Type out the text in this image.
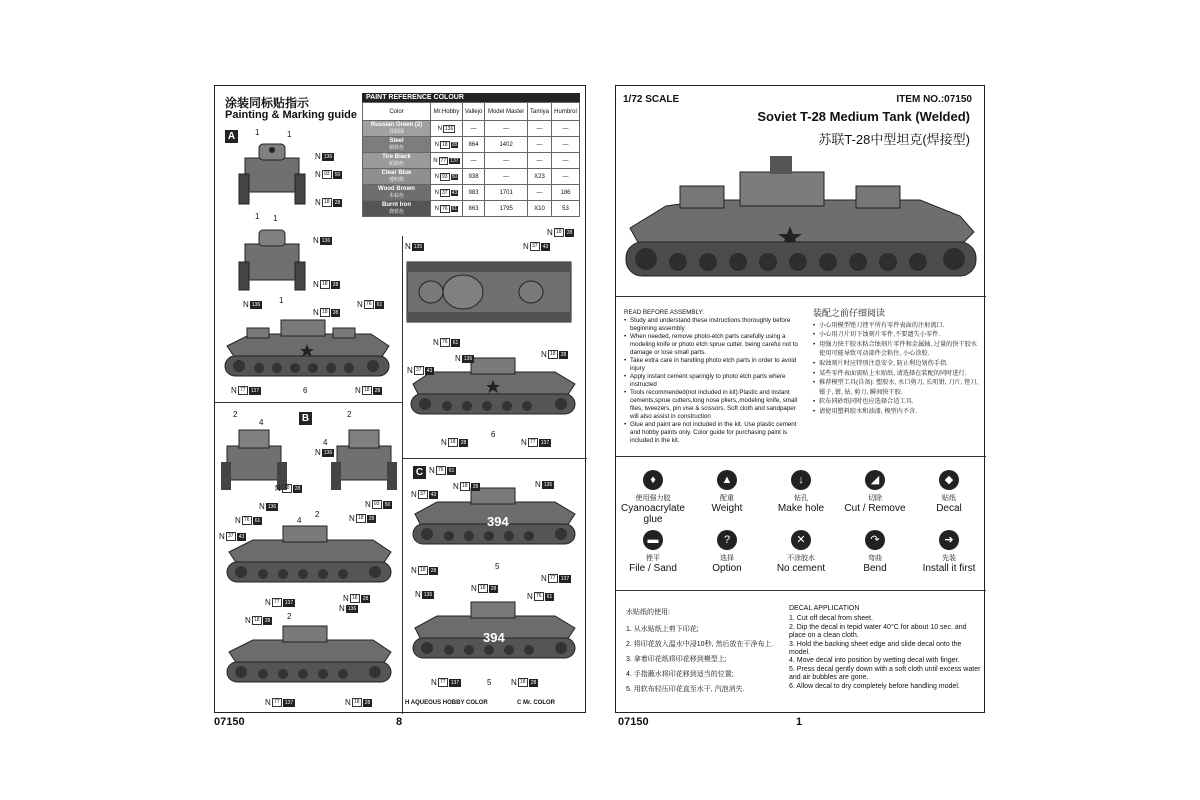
涂装同标贴指示
Painting & Marking guide
PAINT REFERENCE COLOUR
Color	Mr.Hobby	Vallejo	Model Master	Tamiya	Humbrol
Russian Green (2)
苏联绿	N 136	—	—	—	—
Steel
钢铁色	N 18 28	864	1402	—	—
Tire Black
轮胎色	N 77 137	—	—	—	—
Clear Blue
透明蓝	N 93 50	938	—	X23	—
Wood Brown
木棕色	N 37 43	983	1701	—	186
Burnt Iron
烧铁色	N 76 61	863	1795	X10	53
A
B
C
394
394
N 136
N 93	50
N 18	28
N 136
N 18	28
N 136	N 76	61
N 18	28
N 77	137	N 18	28
N 135	N 37	43
N 18	28
N 76	61
N 136	N 18	28
N 37	43
N 18	28	N 77	137
N 136
N 18	28
N 136	N 93	50
N 76	61	N 18	28
N 37	43
N 77	137
N 136
N 18	28
N 18	28
N 77	137	N 18	28
N 76	61
N 18	28	N 136
N 37	43
N 18	28
N 77	137
N 136
N 18	28
N 76	61
N 77	137	N 18	28
1	1
1 1
1
6
6
2
4
4
2
4
2
2
5
5
H AQUEOUS HOBBY COLOR	C Mr. COLOR
07150	8
1/72 SCALE	ITEM NO.:07150
Soviet T-28 Medium Tank (Welded)
苏联T-28中型坦克(焊接型)
READ BEFORE ASSEMBLY:
• Study and understand these instructions thoroughly before beginning assembly
• When needed, remove photo-etch parts carefully using a modeling knife or photo etch sprue cutter. being careful not to damage or lose small parts.
• Take extra care in handling photo etch parts in order to avoid injury
• Apply instant cement sparingly to photo etch parts where instructed
• Tools recommended(not included in kit):Plastic and instant cements,sprue cutters,long nose pliers,,modeling knife, small files, tweezers, pin vise & scissors. Soft cloth and sandpaper will also assist in construction
• Glue and paint are not included in the kit. Use plastic cement and hobby paints only. Color guide for purchasing paint is included in the kit.
装配之前仔细阅读
• 小心用模型锉刀锉平所有零件表面的注射流口.
• 小心用刀片切下蚀刻片零件,不要遗失小零件.
• 用强力快干胶水粘合蚀刻片零件和金属轴, 过量的快干胶水使用可能导致可动部件会粘住, 小心涂胶.
• 取蚀刻片时应特别注意安全, 防止利边划伤手指.
• 某些零件表面需贴上水贴纸, 请选择在装配的同时进行.
• 推荐模型工具(自备): 塑胶水, 水口剪刀, 长咀钳, 刀片, 锉刀, 镊子, 钳, 钻, 剪刀, 瞬间快干胶.
• 软布同砂纸同时也应选择合适工具.
• 请使用塑料胶水和油漆, 模型内不含.
♦
使用强力胶
Cyanoacrylate glue
▲
配重
Weight
↓
钻孔
Make hole
◢
切除
Cut / Remove
◆
贴纸
Decal
▬
锉平
File / Sand
?
选择
Option
✕
不涂胶水
No cement
↷
弯曲
Bend
➜
先装
Install it first
水贴纸的使用:
1. 从水贴纸上剪下印花;
2. 将印花放入温水中浸10秒, 然后放在干净布上.
3. 拿着印花纸将印花移到模型上;
4. 手指蘸水将印花移到适当的位置;
5. 用软布轻压印花直至水干, 汽泡消失.
DECAL APPLICATION
1. Cut off decal from sheet.
2. Dip the decal in tepid water 40°C for about 10 sec. and place on a clean cloth.
3. Hold the backing sheet edge and slide decal onto the model.
4. Move decal into position by wetting decal with finger.
5. Press decal gently down with a soft cloth until excess water and air bubbles are gone.
6. Allow decal to dry completely before handling model.
07150	1
